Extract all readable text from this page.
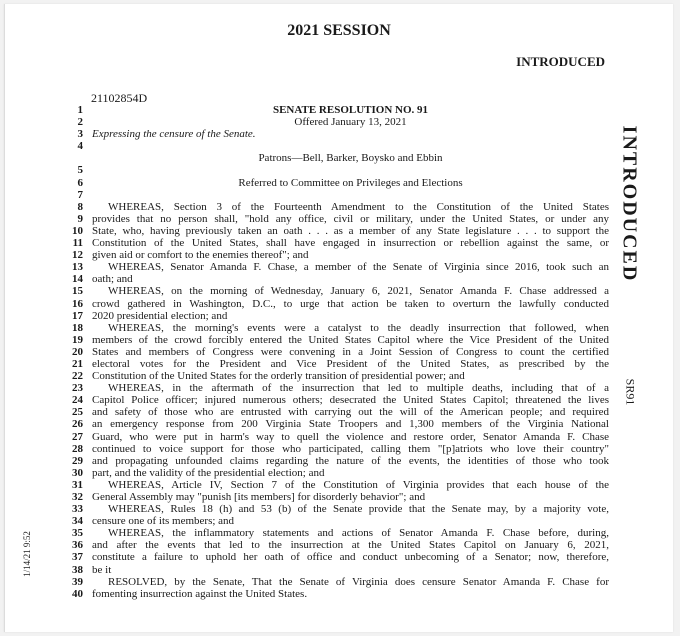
2021 SESSION
INTRODUCED
21102854D
1	SENATE RESOLUTION NO. 91
2	Offered January 13, 2021
3 Expressing the censure of the Senate.
4
Patrons—Bell, Barker, Boysko and Ebbin
5
6	Referred to Committee on Privileges and Elections
7
8	WHEREAS, Section 3 of the Fourteenth Amendment to the Constitution of the United States
9 provides that no person shall, "hold any office, civil or military, under the United States, or under any
10 State, who, having previously taken an oath . . . as a member of any State legislature . . . to support the
11 Constitution of the United States, shall have engaged in insurrection or rebellion against the same, or
12 given aid or comfort to the enemies thereof"; and
13	WHEREAS, Senator Amanda F. Chase, a member of the Senate of Virginia since 2016, took such an
14 oath; and
15	WHEREAS, on the morning of Wednesday, January 6, 2021, Senator Amanda F. Chase addressed a
16 crowd gathered in Washington, D.C., to urge that action be taken to overturn the lawfully conducted
17 2020 presidential election; and
18	WHEREAS, the morning's events were a catalyst to the deadly insurrection that followed, when
19 members of the crowd forcibly entered the United States Capitol where the Vice President of the United
20 States and members of Congress were convening in a Joint Session of Congress to count the certified
21 electoral votes for the President and Vice President of the United States, as prescribed by the
22 Constitution of the United States for the orderly transition of presidential power; and
23	WHEREAS, in the aftermath of the insurrection that led to multiple deaths, including that of a
24 Capitol Police officer; injured numerous others; desecrated the United States Capitol; threatened the lives
25 and safety of those who are entrusted with carrying out the will of the American people; and required
26 an emergency response from 200 Virginia State Troopers and 1,300 members of the Virginia National
27 Guard, who were put in harm's way to quell the violence and restore order, Senator Amanda F. Chase
28 continued to voice support for those who participated, calling them "[p]atriots who love their country"
29 and propagating unfounded claims regarding the nature of the events, the identities of those who took
30 part, and the validity of the presidential election; and
31	WHEREAS, Article IV, Section 7 of the Constitution of Virginia provides that each house of the
32 General Assembly may "punish [its members] for disorderly behavior"; and
33	WHEREAS, Rules 18 (h) and 53 (b) of the Senate provide that the Senate may, by a majority vote,
34 censure one of its members; and
35	WHEREAS, the inflammatory statements and actions of Senator Amanda F. Chase before, during,
36 and after the events that led to the insurrection at the United States Capitol on January 6, 2021,
37 constitute a failure to uphold her oath of office and conduct unbecoming of a Senator; now, therefore,
38 be it
39	RESOLVED, by the Senate, That the Senate of Virginia does censure Senator Amanda F. Chase for
40 fomenting insurrection against the United States.
INTRODUCED
SR91
1/14/21 9:52
